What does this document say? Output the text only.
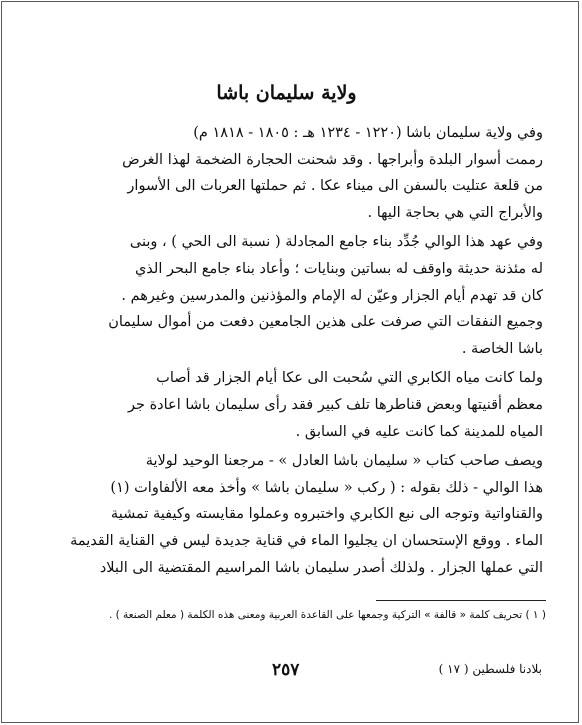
ولاية سليمان باشا
وفي ولاية سليمان باشا (١٢٢٠ - ١٢٣٤ هـ : ١٨٠٥ - ١٨١٨ م)
رممت أسوار البلدة وأبراجها . وقد شحنت الحجارة الضخمة لهذا الغرض
من قلعة عتليت بالسفن الى ميناء عكا . ثم حملتها العربات الى الأسوار
والأبراج التي هي بحاجة اليها .
وفي عهد هذا الوالي جُدِّد بناء جامع المجادلة ( نسبة الى الحي ) ، وبنى
له مئذنة حديثة واوقف له بساتين وبنايات ؛ وأعاد بناء جامع البحر الذي
كان قد تهدم أيام الجزار وعيّن له الإمام والمؤذنين والمدرسين وغيرهم .
وجميع النفقات التي صرفت على هذين الجامعين دفعت من أموال سليمان
باشا الخاصة .
ولما كانت مياه الكابري التي سُحبت الى عكا أيام الجزار قد أصاب
معظم أقنيتها وبعض قناطرها تلف كبير فقد رأى سليمان باشا اعادة جر
المياه للمدينة كما كانت عليه في السابق .
ويصف صاحب كتاب « سليمان باشا العادل » - مرجعنا الوحيد لولاية
هذا الوالي - ذلك بقوله : ( ركب « سليمان باشا » وأخذ معه الألفاوات (١)
والقناواتية وتوجه الى نبع الكابري واختبروه وعملوا مقايسته وكيفية تمشية
الماء . ووقع الإستحسان ان يجليوا الماء في قناية جديدة ليس في القناية القديمة
التي عملها الجزار . ولذلك أصدر سليمان باشا المراسيم المقتضية الى البلاد
( ١ ) تحريف كلمة « قالفة » التركية وجمعها على القاعدة العربية ومعنى هذه الكلمة ( معلم الصنعة ) .
٢٥٧	بلادنا فلسطين ( ١٧ )
